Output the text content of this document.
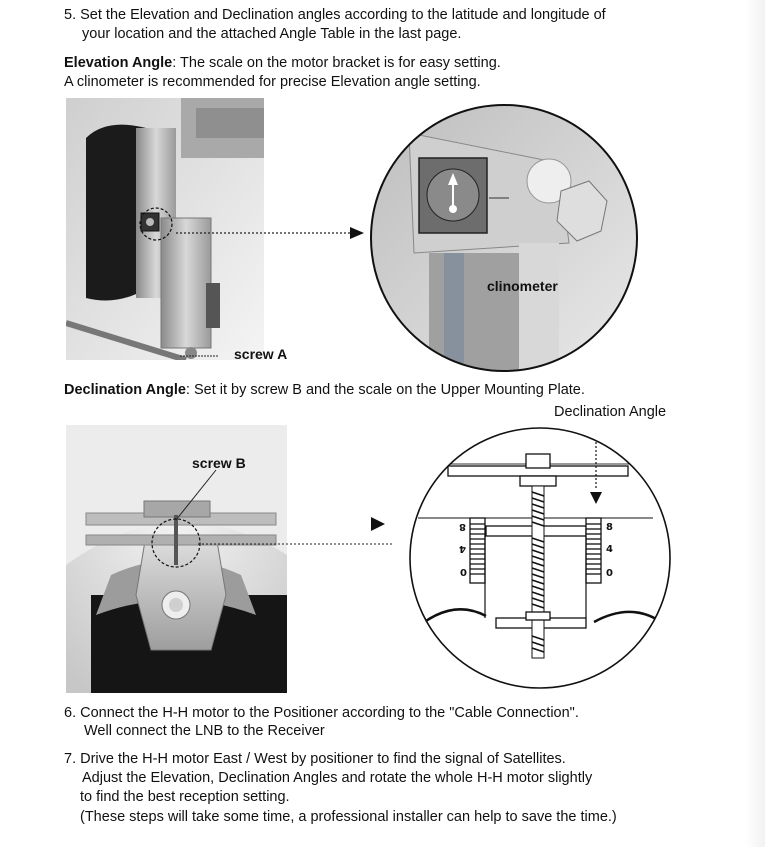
5. Set the Elevation and Declination angles according to the latitude and longitude of
your location and the attached Angle Table in the last page.
Elevation Angle: The scale on the motor bracket is for easy setting.
A clinometer is recommended for precise Elevation angle setting.
screw A
clinometer
Declination Angle: Set it by screw B and the scale on the Upper Mounting Plate.
Declination Angle
screw B
8
4
0
8
4
0
6. Connect the H-H motor to the Positioner according to the "Cable Connection".
Well connect the LNB to the Receiver
7. Drive the H-H motor East / West by positioner to find the signal of Satellites.
Adjust the Elevation, Declination Angles and rotate the whole H-H motor slightly
to find the best reception setting.
(These steps will take some time, a professional installer can help to save the time.)
